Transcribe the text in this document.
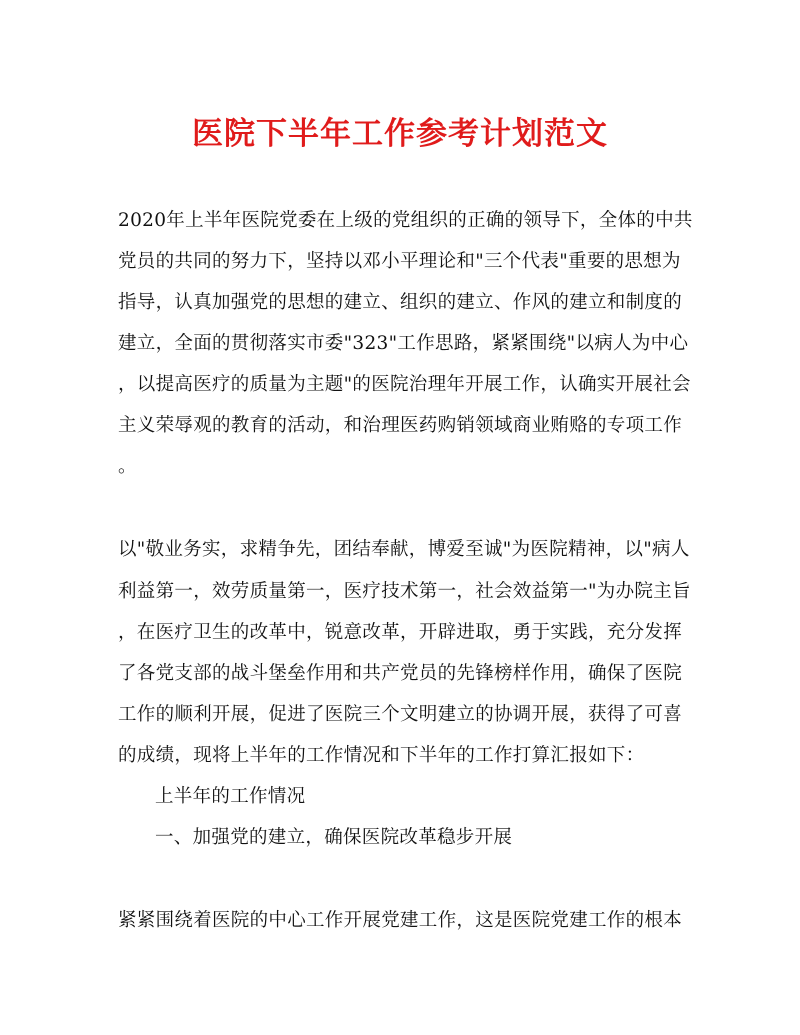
医院下半年工作参考计划范文
2020年上半年医院党委在上级的党组织的正确的领导下，全体的中共
党员的共同的努力下，坚持以邓小平理论和"三个代表"重要的思想为
指导，认真加强党的思想的建立、组织的建立、作风的建立和制度的
建立，全面的贯彻落实市委"323"工作思路，紧紧围绕"以病人为中心
，以提高医疗的质量为主题"的医院治理年开展工作，认确实开展社会
主义荣辱观的教育的活动，和治理医药购销领域商业贿赂的专项工作
。
以"敬业务实，求精争先，团结奉献，博爱至诚"为医院精神，以"病人
利益第一，效劳质量第一，医疗技术第一，社会效益第一"为办院主旨
，在医疗卫生的改革中，锐意改革，开辟进取，勇于实践，充分发挥
了各党支部的战斗堡垒作用和共产党员的先锋榜样作用，确保了医院
工作的顺利开展，促进了医院三个文明建立的协调开展，获得了可喜
的成绩，现将上半年的工作情况和下半年的工作打算汇报如下：
上半年的工作情况
一、加强党的建立，确保医院改革稳步开展
紧紧围绕着医院的中心工作开展党建工作，这是医院党建工作的根本
